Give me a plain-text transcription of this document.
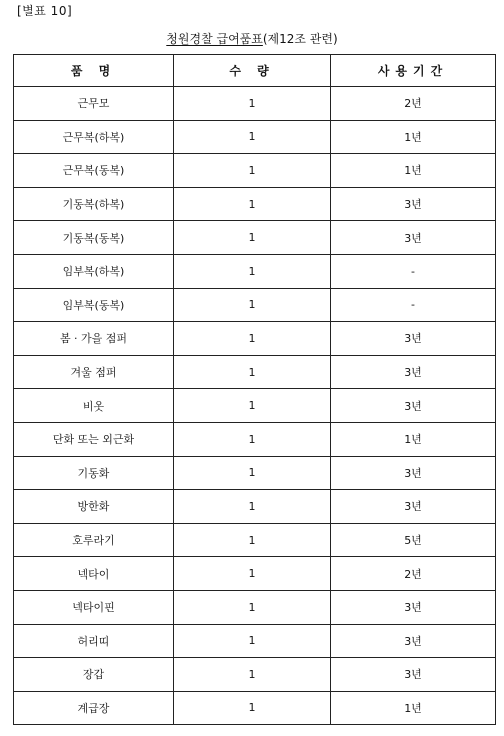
[별표 10]
청원경찰 급여품표(제12조 관련)
품 명	수 량	사용기간
근무모	1	2년
근무복(하복)	1	1년
근무복(동복)	1	1년
기동복(하복)	1	3년
기동복(동복)	1	3년
임부복(하복)	1	-
임부복(동복)	1	-
봄 · 가을 점퍼	1	3년
겨울 점퍼	1	3년
비옷	1	3년
단화 또는 외근화	1	1년
기동화	1	3년
방한화	1	3년
호루라기	1	5년
넥타이	1	2년
넥타이핀	1	3년
허리띠	1	3년
장갑	1	3년
계급장	1	1년
